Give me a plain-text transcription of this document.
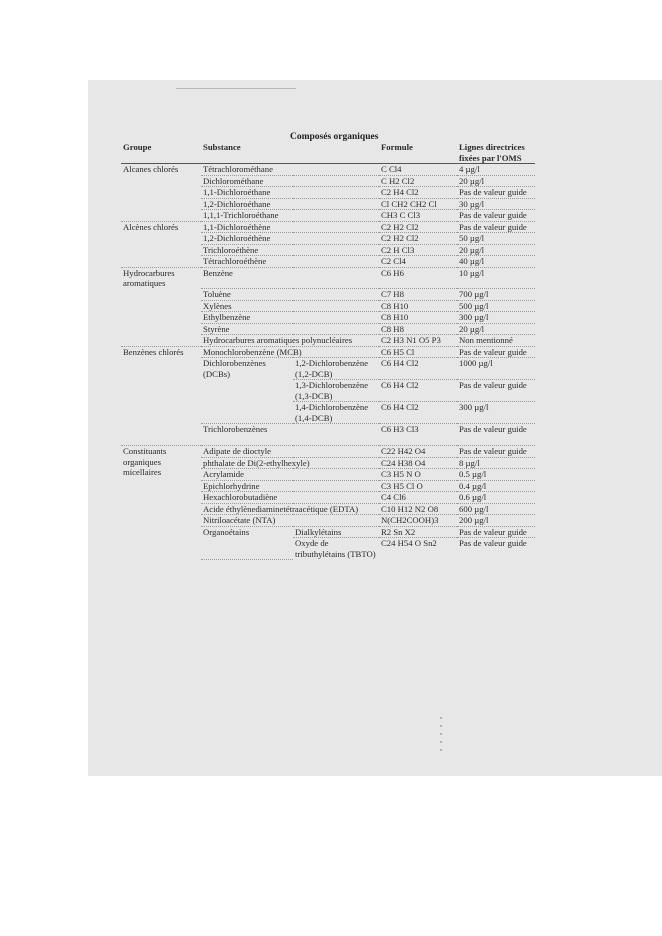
Composés organiques
Groupe	Substance		Formule	Lignes directrices fixées par l'OMS
Alcanes chlorés	Tétrachlorométhane		C Cl4	4 µg/l
	Dichlorométhane		C H2 Cl2	20 µg/l
	1,1-Dichloroéthane		C2 H4 Cl2	Pas de valeur guide
	1,2-Dichloroéthane		Cl CH2 CH2 Cl	30 µg/l
	1,1,1-Trichloroéthane		CH3 C Cl3	Pas de valeur guide
Alcènes chlorés	1,1-Dichloroéthène		C2 H2 Cl2	Pas de valeur guide
	1,2-Dichloroéthène		C2 H2 Cl2	50 µg/l
	Trichloroéthène		C2 H Cl3	20 µg/l
	Tétrachloroéthène		C2 Cl4	40 µg/l
Hydrocarbures aromatiques	Benzène		C6 H6	10 µg/l
	Toluène		C7 H8	700 µg/l
	Xylènes		C8 H10	500 µg/l
	Ethylbenzène		C8 H10	300 µg/l
	Styrène		C8 H8	20 µg/l
	Hydrocarbures aromatiques polynucléaires		C2 H3 N1 O5 P3	Non mentionné
Benzènes chlorés	Monochlorobenzène (MCB)		C6 H5 Cl	Pas de valeur guide
	Dichlorobenzènes (DCBs)	1,2-Dichlorobenzène (1,2-DCB)	C6 H4 Cl2	1000 µg/l
		1,3-Dichlorobenzène (1,3-DCB)	C6 H4 Cl2	Pas de valeur guide
		1,4-Dichlorobenzène (1,4-DCB)	C6 H4 Cl2	300 µg/l
	Trichlorobenzènes		C6 H3 Cl3	Pas de valeur guide
Constituants organiques micellaires	Adipate de dioctyle		C22 H42 O4	Pas de valeur guide
	phthalate de Di(2-ethylhexyle)		C24 H38 O4	8 µg/l
	Acrylamide		C3 H5 N O	0.5 µg/l
	Epichlorhydrine		C3 H5 Cl O	0.4 µg/l
	Hexachlorobutadiène		C4 Cl6	0.6 µg/l
	Acide éthylènediaminetétraacétique (EDTA)		C10 H12 N2 O8	600 µg/l
	Nitriloacétate (NTA)		N(CH2COOH)3	200 µg/l
	Organoétains	Dialkylétains	R2 Sn X2	Pas de valeur guide
		Oxyde de tributhylétains (TBTO)	C24 H54 O Sn2	Pas de valeur guide
